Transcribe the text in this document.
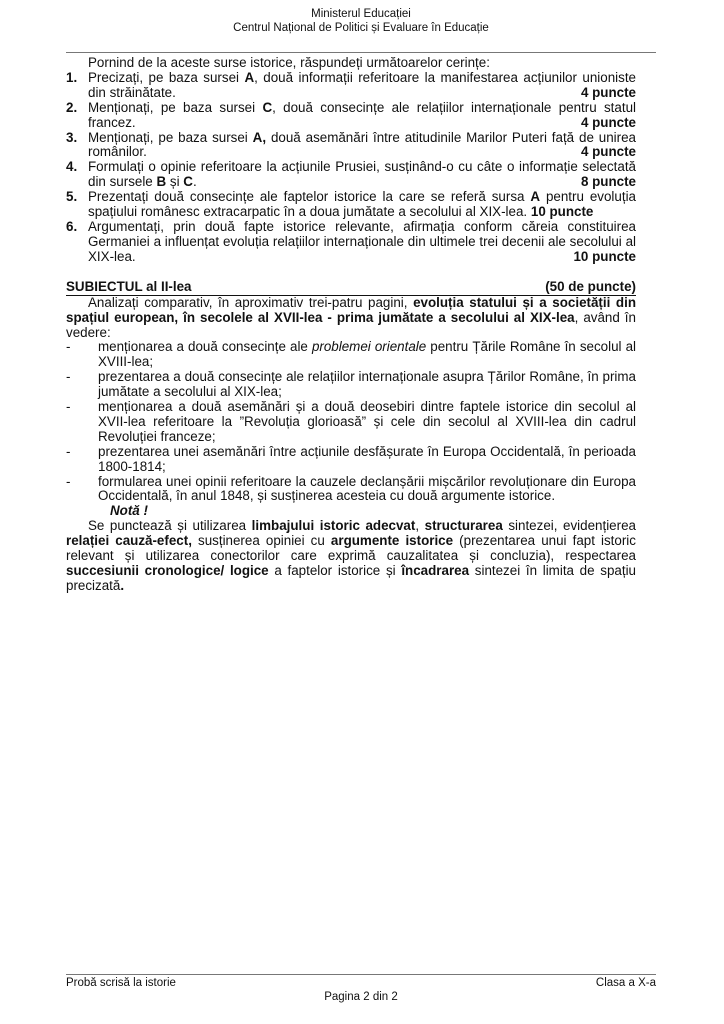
Ministerul Educației
Centrul Național de Politici și Evaluare în Educație

Pornind de la aceste surse istorice, răspundeți următoarelor cerințe:

1. Precizați, pe baza sursei A, două informații referitoare la manifestarea acțiunilor unioniste din străinătate.	4 puncte
2. Menționați, pe baza sursei C, două consecințe ale relațiilor internaționale pentru statul francez.	4 puncte
3. Menționați, pe baza sursei A, două asemănări între atitudinile Marilor Puteri față de unirea românilor.	4 puncte
4. Formulați o opinie referitoare la acțiunile Prusiei, susținând-o cu câte o informație selectată din sursele B și C.	8 puncte
5. Prezentați două consecințe ale faptelor istorice la care se referă sursa A pentru evoluția spațiului românesc extracarpatic în a doua jumătate a secolului al XIX-lea. 10 puncte
6. Argumentați, prin două fapte istorice relevante, afirmația conform căreia constituirea Germaniei a influențat evoluția relațiilor internaționale din ultimele trei decenii ale secolului al XIX-lea.	10 puncte
SUBIECTUL al II-lea	(50 de puncte)

Analizați comparativ, în aproximativ trei-patru pagini, evoluția statului și a societății din spațiul european, în secolele al XVII-lea - prima jumătate a secolului al XIX-lea, având în vedere:

- menționarea a două consecințe ale problemei orientale pentru Țările Române în secolul al XVIII-lea;
- prezentarea a două consecințe ale relațiilor internaționale asupra Țărilor Române, în prima jumătate a secolului al XIX-lea;
- menționarea a două asemănări și a două deosebiri dintre faptele istorice din secolul al XVII-lea referitoare la ”Revoluția glorioasă” și cele din secolul al XVIII-lea din cadrul Revoluției franceze;
- prezentarea unei asemănări între acțiunile desfășurate în Europa Occidentală, în perioada 1800-1814;
- formularea unei opinii referitoare la cauzele declanșării mișcărilor revoluționare din Europa Occidentală, în anul 1848, și susținerea acesteia cu două argumente istorice.
Notă !

Se punctează și utilizarea limbajului istoric adecvat, structurarea sintezei, evidențierea relației cauză-efect, susținerea opiniei cu argumente istorice (prezentarea unui fapt istoric relevant și utilizarea conectorilor care exprimă cauzalitatea și concluzia), respectarea succesiunii cronologice/ logice a faptelor istorice și încadrarea sintezei în limita de spațiu precizată.

Probă scrisă la istorie	Clasa a X-a
Pagina 2 din 2
